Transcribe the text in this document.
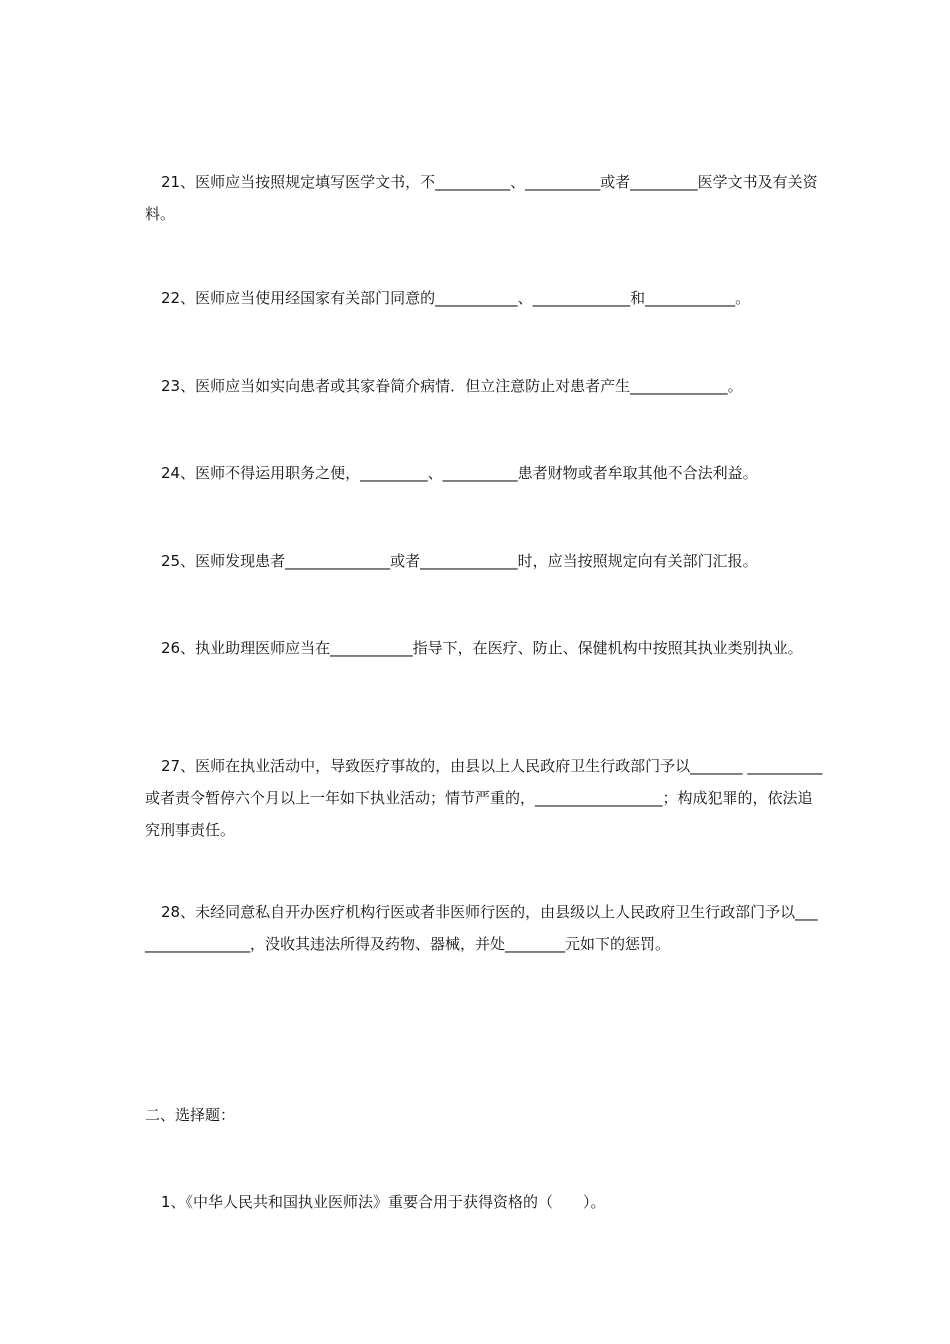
21、医师应当按照规定填写医学文书，不__________、__________或者_________医学文书及有关资料。
22、医师应当使用经国家有关部门同意的___________、_____________和____________。
23、医师应当如实向患者或其家眷简介病情．但立注意防止对患者产生_____________。
24、医师不得运用职务之便，_________、__________患者财物或者牟取其他不合法利益。
25、医师发现患者______________或者_____________时，应当按照规定向有关部门汇报。
26、执业助理医师应当在___________指导下，在医疗、防止、保健机构中按照其执业类别执业。
27、医师在执业活动中，导致医疗事故的，由县以上人民政府卫生行政部门予以_______ __________或者责令暂停六个月以上一年如下执业活动；情节严重的，_________________；构成犯罪的，依法追究刑事责任。
28、未经同意私自开办医疗机构行医或者非医师行医的，由县级以上人民政府卫生行政部门予以_________________，没收其违法所得及药物、器械，并处________元如下的惩罚。
二、选择题：
1、《中华人民共和国执业医师法》重要合用于获得资格的（　　）。
